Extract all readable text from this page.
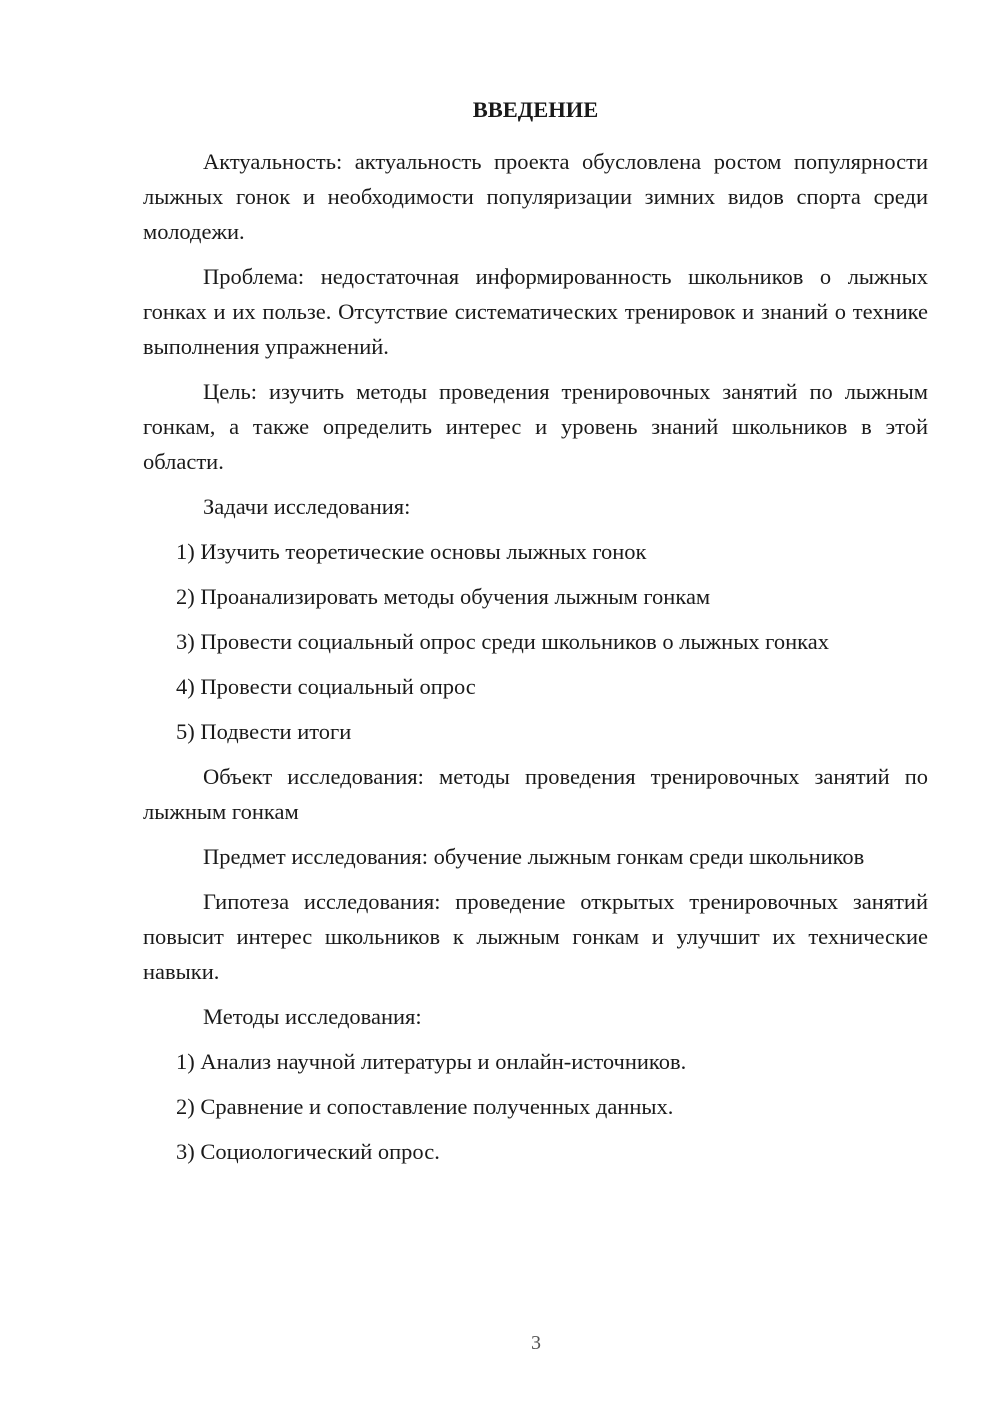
ВВЕДЕНИЕ

Актуальность: актуальность проекта обусловлена ростом популярности лыжных гонок и необходимости популяризации зимних видов спорта среди молодежи.

Проблема: недостаточная информированность школьников о лыжных гонках и их пользе. Отсутствие систематических тренировок и знаний о технике выполнения упражнений.

Цель: изучить методы проведения тренировочных занятий по лыжным гонкам, а также определить интерес и уровень знаний школьников в этой области.

Задачи исследования:

1) Изучить теоретические основы лыжных гонок
2) Проанализировать методы обучения лыжным гонкам
3) Провести социальный опрос среди школьников о лыжных гонках
4) Провести социальный опрос
5) Подвести итоги

Объект исследования: методы проведения тренировочных занятий по лыжным гонкам

Предмет исследования: обучение лыжным гонкам среди школьников

Гипотеза исследования: проведение открытых тренировочных занятий повысит интерес школьников к лыжным гонкам и улучшит их технические навыки.

Методы исследования:

1) Анализ научной литературы и онлайн-источников.
2) Сравнение и сопоставление полученных данных.
3) Социологический опрос.
3
